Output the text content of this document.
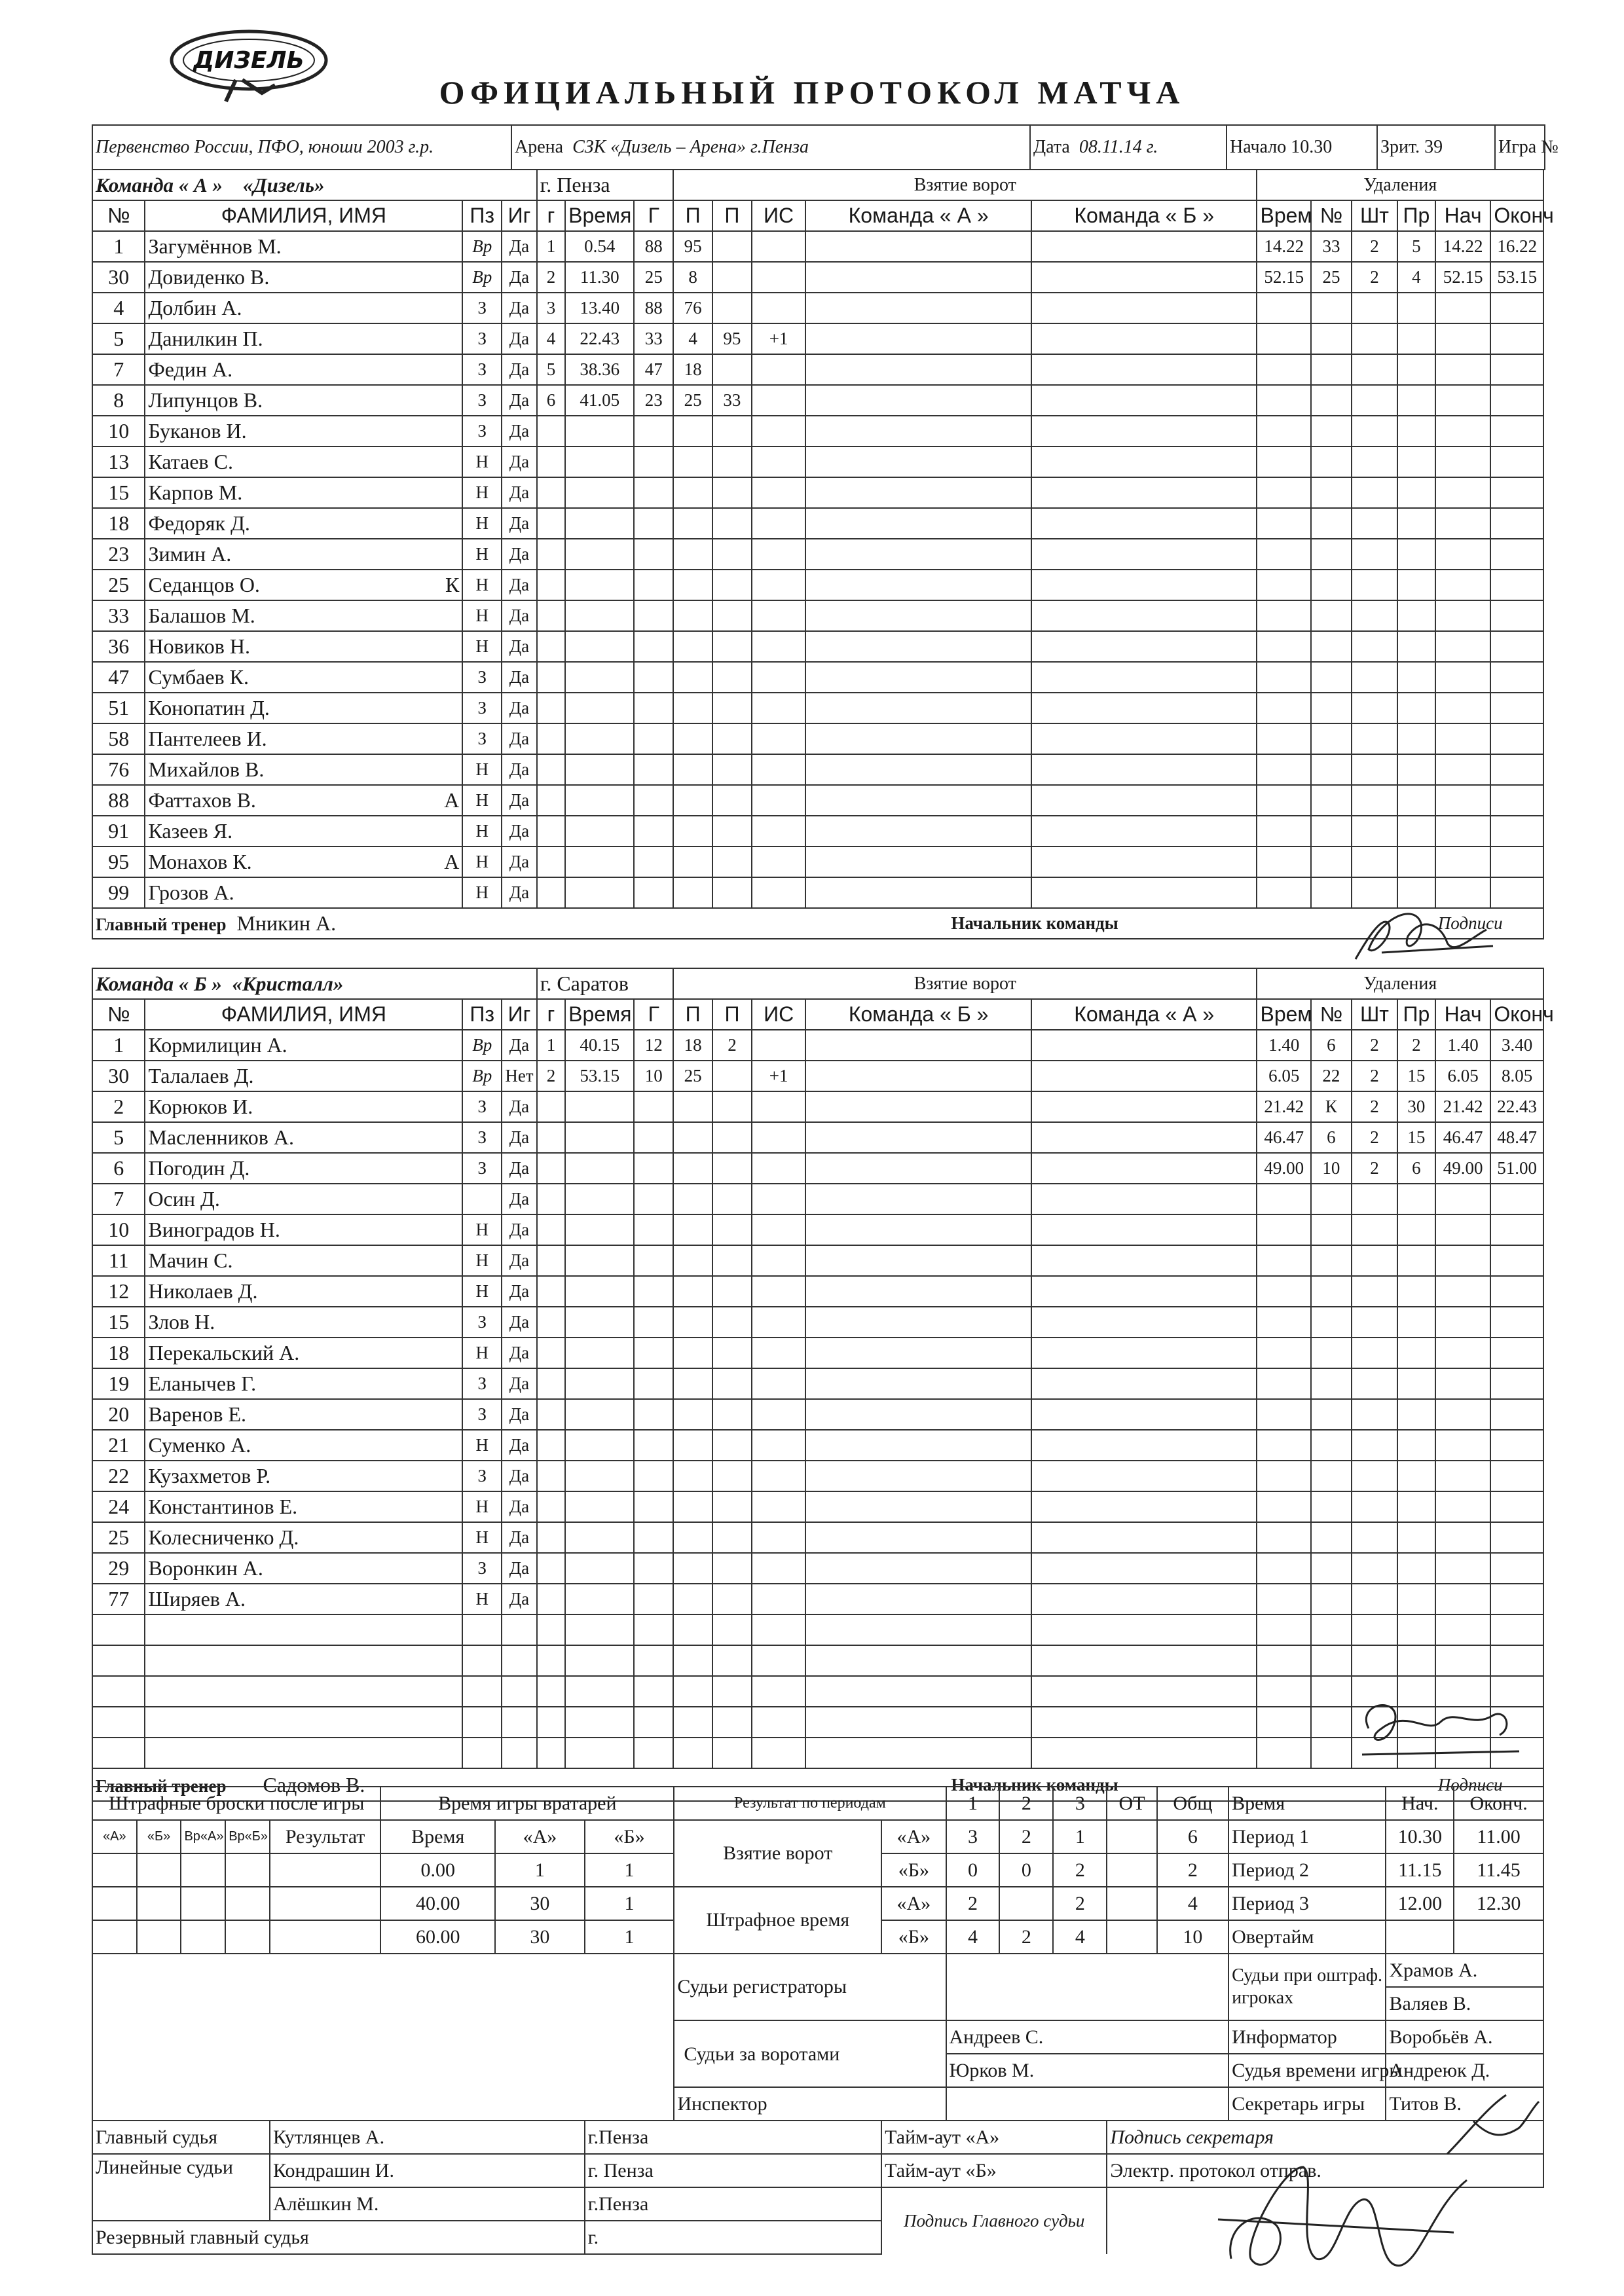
ДИЗЕЛЬ
ОФИЦИАЛЬНЫЙ ПРОТОКОЛ МАТЧА
Первенство России, ПФО, юноши 2003 г.р.	Арена СЗК «Дизель – Арена» г.Пенза	Дата 08.11.14 г.	Начало 10.30	Зрит. 39	Игра №
Команда « А » «Дизель»				г. Пенза			Взятие ворот					Удаления					
№	ФАМИЛИЯ, ИМЯ	Пз	Иг	г	Время	Г	П	П	ИС	Команда « А »	Команда « Б »	Врем	№	Шт	Пр	Нач	Оконч
1	Загумённов М.	Вр	Да	1	0.54	88	95					14.22	33	2	5	14.22	16.22
30	Довиденко В.	Вр	Да	2	11.30	25	8					52.15	25	2	4	52.15	53.15
4	Долбин А.	З	Да	3	13.40	88	76										
5	Данилкин П.	З	Да	4	22.43	33	4	95	+1								
7	Федин А.	З	Да	5	38.36	47	18										
8	Липунцов В.	З	Да	6	41.05	23	25	33									
10	Буканов И.	З	Да														
13	Катаев С.	Н	Да														
15	Карпов М.	Н	Да														
18	Федоряк Д.	Н	Да														
23	Зимин А.	Н	Да														
25	Седанцов О. К	Н	Да														
33	Балашов М.	Н	Да														
36	Новиков Н.	Н	Да														
47	Сумбаев К.	З	Да														
51	Конопатин Д.	З	Да														
58	Пантелеев И.	З	Да														
76	Михайлов В.	Н	Да														
88	Фаттахов В. А	Н	Да														
91	Казеев Я.	Н	Да														
95	Монахов К. А	Н	Да														
99	Грозов А.	Н	Да														
Главный тренер Мникин А.						Начальник команды										Подписи	
Команда « Б » «Кристалл»				г. Саратов			Взятие ворот					Удаления					
№	ФАМИЛИЯ, ИМЯ	Пз	Иг	г	Время	Г	П	П	ИС	Команда « Б »	Команда « А »	Врем	№	Шт	Пр	Нач	Оконч
1	Кормилицин А.	Вр	Да	1	40.15	12	18	2				1.40	6	2	2	1.40	3.40
30	Талалаев Д.	Вр	Нет	2	53.15	10	25		+1			6.05	22	2	15	6.05	8.05
2	Корюков И.	З	Да									21.42	К	2	30	21.42	22.43
5	Масленников А.	З	Да									46.47	6	2	15	46.47	48.47
6	Погодин Д.	З	Да									49.00	10	2	6	49.00	51.00
7	Осин Д.		Да														
10	Виноградов Н.	Н	Да														
11	Мачин С.	Н	Да														
12	Николаев Д.	Н	Да														
15	Злов Н.	З	Да														
18	Перекальский А.	Н	Да														
19	Еланычев Г.	З	Да														
20	Варенов Е.	З	Да														
21	Суменко А.	Н	Да														
22	Кузахметов Р.	З	Да														
24	Константинов Е.	Н	Да														
25	Колесниченко Д.	Н	Да														
29	Воронкин А.	З	Да														
77	Ширяев А.	Н	Да														

Главный тренер Садомов В.						Начальник команды										Подписи	
Штрафные броски после игры					Время игры вратарей			Результат по периодам		1	2	3	ОТ	Общ	Время	Нач.	Оконч.
«А»	«Б»	Вр«А»	Вр«Б»	Результат	Время	«А»	«Б»	Взятие ворот	«А»	3	2	1		6	Период 1	10.30	11.00
					0.00	1	1		«Б»	0	0	2		2	Период 2	11.15	11.45
					40.00	30	1	Штрафное время	«А»	2		2		4	Период 3	12.00	12.30
					60.00	30	1		«Б»	4	2	4		10	Овертайм		
								Судьи регистраторы							Судьи при оштраф. игроках	Храмов А.	
																Валяев В.	
								Судьи за воротами		Андреев С.					Информатор	Воробьёв А.	
										Юрков М.					Судья времени игры	Андреюк Д.	
								Инспектор							Секретарь игры	Титов В.	
Главный судья				Кутлянцев А.			г.Пенза		Тайм-аут «А»				Подпись секретаря				
Линейные судьи				Кондрашин И.			г. Пенза		Тайм-аут «Б»				Электр. протокол отправ.				
				Алёшкин М.			г.Пенза		Подпись Главного судьи								
Резервный главный судья							г.										
